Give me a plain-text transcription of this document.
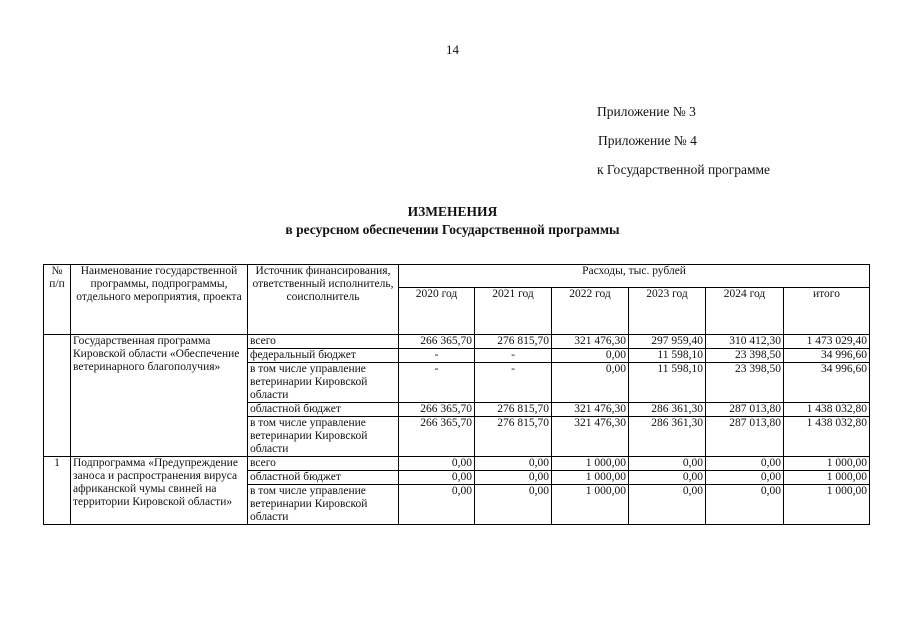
14
Приложение № 3
Приложение № 4
к Государственной программе
ИЗМЕНЕНИЯ
в ресурсном обеспечении Государственной программы
№ п/п	Наименование государственной программы, подпрограммы, отдельного мероприятия, проекта	Источник финансирования, ответственный исполнитель, соисполнитель	Расходы, тыс. рублей					
			2020 год	2021 год	2022 год	2023 год	2024 год	итого
	Государственная программа Кировской области «Обеспечение ветеринарного благополучия»	всего	266 365,70	276 815,70	321 476,30	297 959,40	310 412,30	1 473 029,40
		федеральный бюджет	-	-	0,00	11 598,10	23 398,50	34 996,60
		в том числе управление ветеринарии Кировской области	-	-	0,00	11 598,10	23 398,50	34 996,60
		областной бюджет	266 365,70	276 815,70	321 476,30	286 361,30	287 013,80	1 438 032,80
		в том числе управление ветеринарии Кировской области	266 365,70	276 815,70	321 476,30	286 361,30	287 013,80	1 438 032,80
1	Подпрограмма «Предупреждение заноса и распространения вируса африканской чумы свиней на территории Кировской области»	всего	0,00	0,00	1 000,00	0,00	0,00	1 000,00
		областной бюджет	0,00	0,00	1 000,00	0,00	0,00	1 000,00
		в том числе управление ветеринарии Кировской области	0,00	0,00	1 000,00	0,00	0,00	1 000,00
